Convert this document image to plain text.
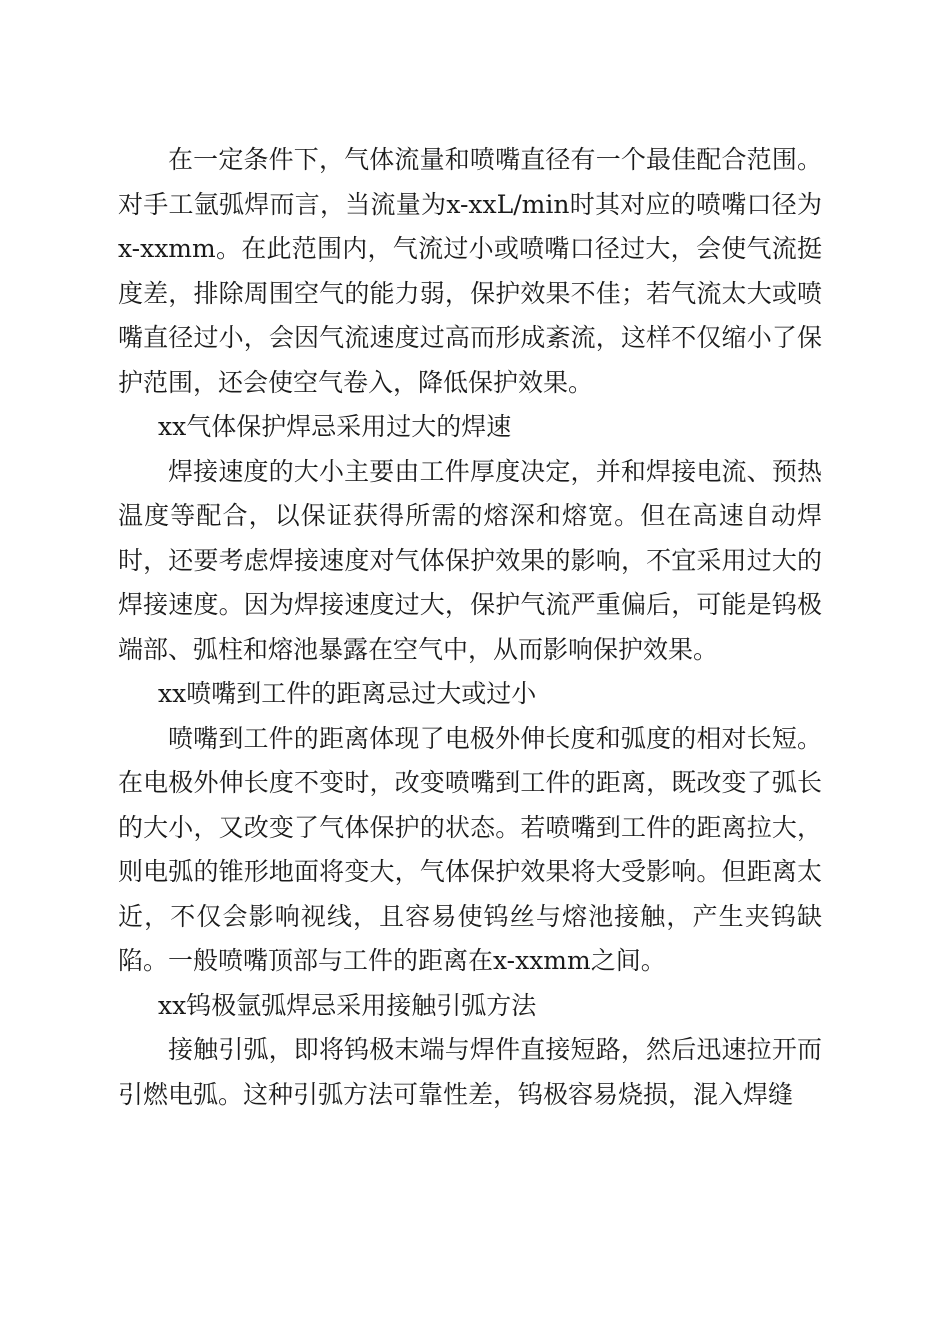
在一定条件下，气体流量和喷嘴直径有一个最佳配合范围。对手工氩弧焊而言，当流量为x-xxL/min时其对应的喷嘴口径为x-xxmm。在此范围内，气流过小或喷嘴口径过大，会使气流挺度差，排除周围空气的能力弱，保护效果不佳；若气流太大或喷嘴直径过小，会因气流速度过高而形成紊流，这样不仅缩小了保护范围，还会使空气卷入，降低保护效果。

xx气体保护焊忌采用过大的焊速

焊接速度的大小主要由工件厚度决定，并和焊接电流、预热温度等配合，以保证获得所需的熔深和熔宽。但在高速自动焊时，还要考虑焊接速度对气体保护效果的影响，不宜采用过大的焊接速度。因为焊接速度过大，保护气流严重偏后，可能是钨极端部、弧柱和熔池暴露在空气中，从而影响保护效果。

xx喷嘴到工件的距离忌过大或过小

喷嘴到工件的距离体现了电极外伸长度和弧度的相对长短。在电极外伸长度不变时，改变喷嘴到工件的距离，既改变了弧长的大小，又改变了气体保护的状态。若喷嘴到工件的距离拉大，则电弧的锥形地面将变大，气体保护效果将大受影响。但距离太近，不仅会影响视线，且容易使钨丝与熔池接触，产生夹钨缺陷。一般喷嘴顶部与工件的距离在x-xxmm之间。

xx钨极氩弧焊忌采用接触引弧方法

接触引弧，即将钨极末端与焊件直接短路，然后迅速拉开而引燃电弧。这种引弧方法可靠性差，钨极容易烧损，混入焊缝
